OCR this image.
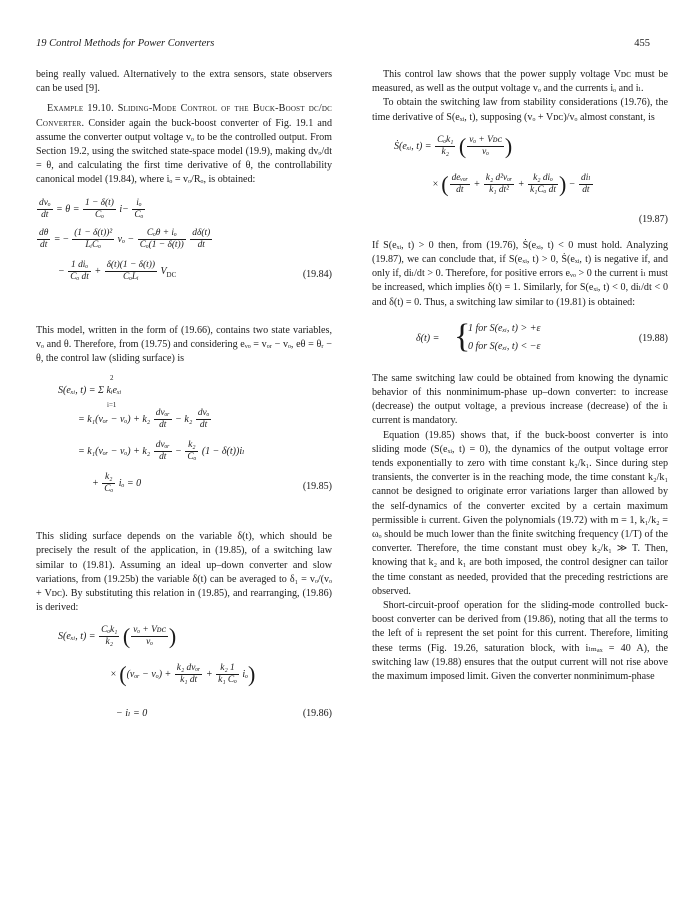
19 Control Methods for Power Converters	455

being really valued. Alternatively to the extra sensors, state observers can be used [9].

Example 19.10. Sliding-Mode Control of the Buck-Boost dc/dc Converter. Consider again the buck-boost converter of Fig. 19.1 and assume the converter output voltage vₒ to be the controlled output. From Section 19.2, using the switched state-space model (19.9), making dvₒ/dt = θ, and calculating the first time derivative of θ, the controllability canonical model (19.84), where iₒ = vₒ/Rₒ, is obtained:

$\frac{\text{dvₒ}}{dt} = \theta = \frac{1 - \delta(t)}{\text{Cₒ}} i- \frac{\text{iₒ}}{\text{Cₒ}}$
$\frac{d\theta}{dt}$ = − $\frac{\text{(1 − δ(t))²}}{\text{LᵢCₒ}}$ $v_o - \frac{\text{Cₒθ + iₒ}}{\text{Cₒ(1 − δ(t))}}$
$\frac{d\delta(t)}{dt}$
− $\frac{\text{1 diₒ}}{\text{Cₒ dt}} + \frac{\delta(t)(1 - \delta(t))}{\text{CₒLᵢ}} V_{DC}$	(19.84)

This model, written in the form of (19.66), contains two state variables, vₒ and θ. Therefore, from (19.75) and considering eᵥₒ = vₒᵣ − vₒ, eθ = θᵣ − θ, the control law (sliding surface) is

2
i=1
S(eₓᵢ, t) = Σ kᵢeₓᵢ
= k₁(vₒᵣ − $v_o) + k_2 \frac{\text{dvₒᵣ}}{dt} - k_2 \frac{\text{dvₒ}}{dt}$
= k₁(vₒᵣ − $v_o) + k_2 \frac{\text{dvₒᵣ}}{dt} - \frac{\text{k₂}}{\text{Cₒ}} (1 - \delta(t))i_l$
+ $\frac{\text{k₂}}{\text{Cₒ}}$ iₒ = 0	(19.85)

This sliding surface depends on the variable δ(t), which should be precisely the result of the application, in (19.85), of a switching law similar to (19.81). Assuming an ideal up–down converter and slow variations, from (19.25b) the variable δ(t) can be averaged to δ₁ = vₒ/(vₒ + Vᴅᴄ). By substituting this relation in (19.85), and rearranging, (19.86) is derived:

S(eₓᵢ, $t) = \frac{\text{Cₒk₁}}{\text{k₂}}$ ( $\frac{\text{vₒ + Vᴅᴄ}}{\text{vₒ}}$ )
× ((vₒᵣ − $v_o) + \frac{\text{k₂ dvₒᵣ}}{\text{k₁ dt}} + \frac{\text{k₂ 1}}{\text{k₁ Cₒ}} i_o$)
− iₗ = 0	(19.86)

This control law shows that the power supply voltage Vᴅᴄ must be measured, as well as the output voltage vₒ and the currents iₒ and iₗ.

To obtain the switching law from stability considerations (19.76), the time derivative of S(eₓᵢ, t), supposing (vₒ + Vᴅᴄ)/vₒ almost constant, is

Ṡ(eₓᵢ, $t) = \frac{\text{Cₒk₁}}{\text{k₂}}$ ( $\frac{\text{vₒ + Vᴅᴄ}}{\text{vₒ}}$ )
× ( $\frac{\text{deᵥₒᵣ}}{dt} + \frac{\text{k₂ d²vₒᵣ}}{\text{k₁ dt²}} + \frac{\text{k₂ diₒ}}{\text{k₁Cₒ dt}}$ ) − $\frac{\text{diₗ}}{dt}$
(19.87)

If S(eₓᵢ, t) > 0 then, from (19.76), Ṡ(eₓᵢ, t) < 0 must hold. Analyzing (19.87), we can conclude that, if S(eₓᵢ, t) > 0, Ṡ(eₓᵢ, t) is negative if, and only if, diₗ/dt > 0. Therefore, for positive errors eᵥₒ > 0 the current iₗ must be increased, which implies δ(t) = 1. Similarly, for S(eₓᵢ, t) < 0, diₗ/dt < 0 and δ(t) = 0. Thus, a switching law similar to (19.81) is obtained:

δ(t) = {
1 for S(eₓᵢ, t) > +ε
0 for S(eₓᵢ, t) < −ε
(19.88)

The same switching law could be obtained from knowing the dynamic behavior of this nonminimum-phase up–down converter: to increase (decrease) the output voltage, a previous increase (decrease) of the iₗ current is mandatory.

Equation (19.85) shows that, if the buck-boost converter is into sliding mode (S(eₓᵢ, t) = 0), the dynamics of the output voltage error tends exponentially to zero with time constant k₂/k₁. Since during step transients, the converter is in the reaching mode, the time constant k₂/k₁ cannot be designed to originate error variations larger than allowed by the self-dynamics of the converter excited by a certain maximum permissible iₗ current. Given the polynomials (19.72) with m = 1, k₁/k₂ = ωₒ should be much lower than the finite switching frequency (1/T) of the converter. Therefore, the time constant must obey k₂/k₁ ≫ T. Then, knowing that k₂ and k₁ are both imposed, the control designer can tailor the time constant as needed, provided that the preceding restrictions are observed.

Short-circuit-proof operation for the sliding-mode controlled buck-boost converter can be derived from (19.86), noting that all the terms to the left of iₗ represent the set point for this current. Therefore, limiting these terms (Fig. 19.26, saturation block, with iₗₘₐₓ = 40 A), the switching law (19.88) ensures that the output current will not rise above the maximum imposed limit. Given the converter nonminimum-phase
